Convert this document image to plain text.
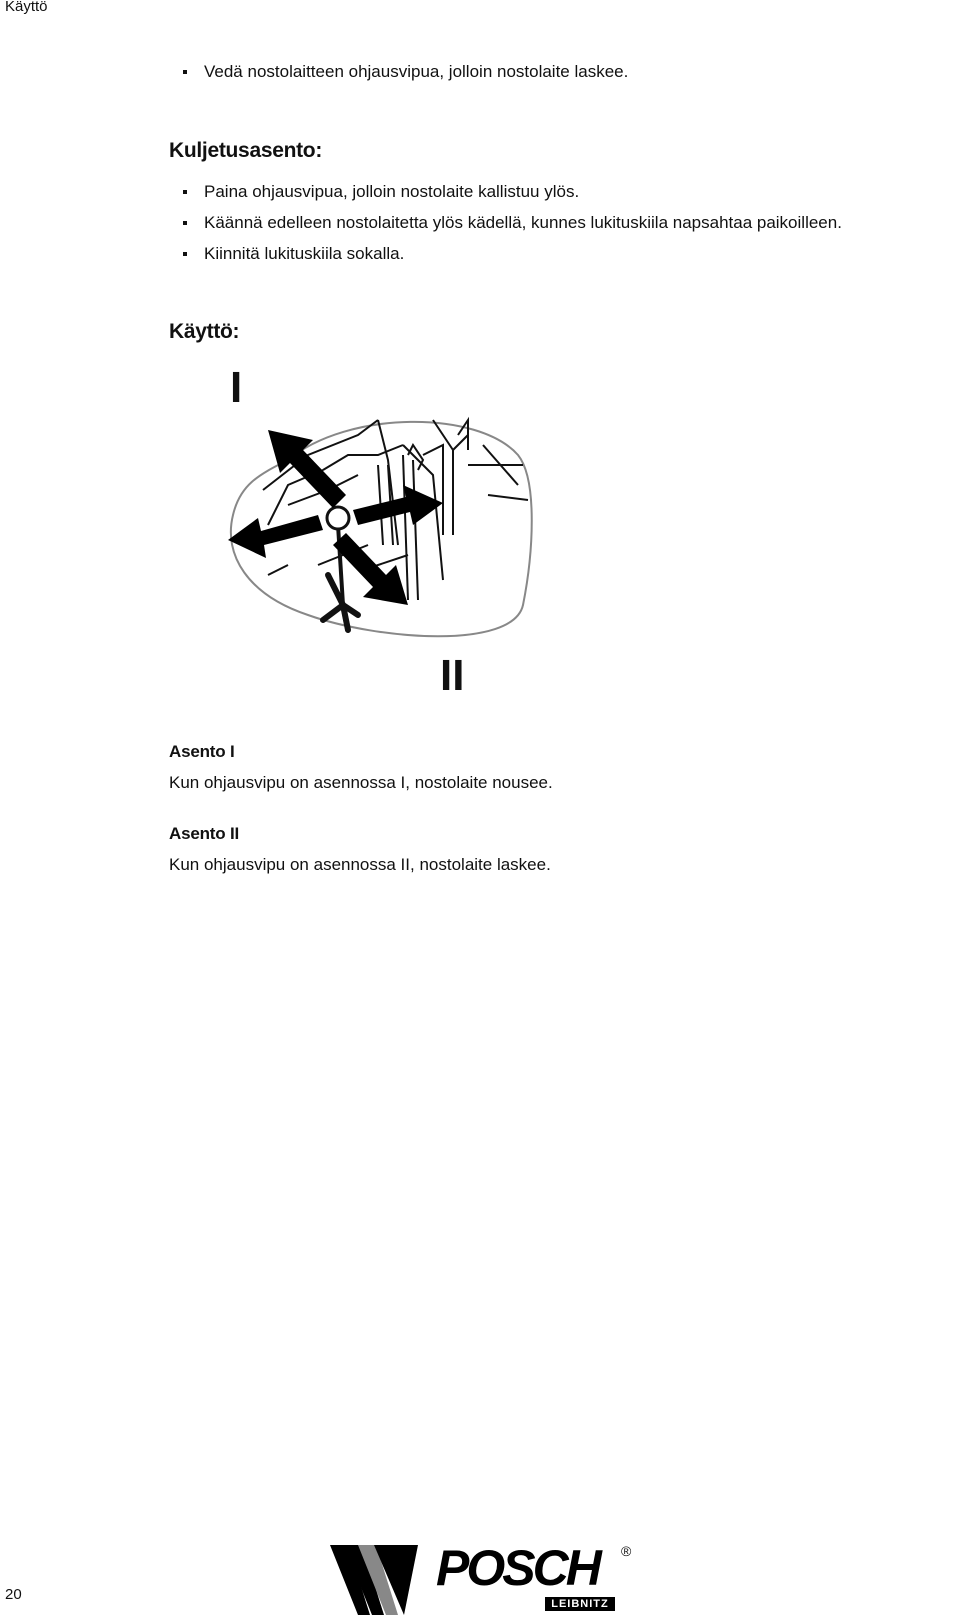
Käyttö
Vedä nostolaitteen ohjausvipua, jolloin nostolaite laskee.
Kuljetusasento:
Paina ohjausvipua, jolloin nostolaite kallistuu ylös.
Käännä edelleen nostolaitetta ylös kädellä, kunnes lukituskiila napsahtaa paikoilleen.
Kiinnitä lukituskiila sokalla.
Käyttö:
I
II
Asento I
Kun ohjausvipu on asennossa I, nostolaite nousee.
Asento II
Kun ohjausvipu on asennossa II, nostolaite laskee.
20	POSCH
LEIBNITZ
®
